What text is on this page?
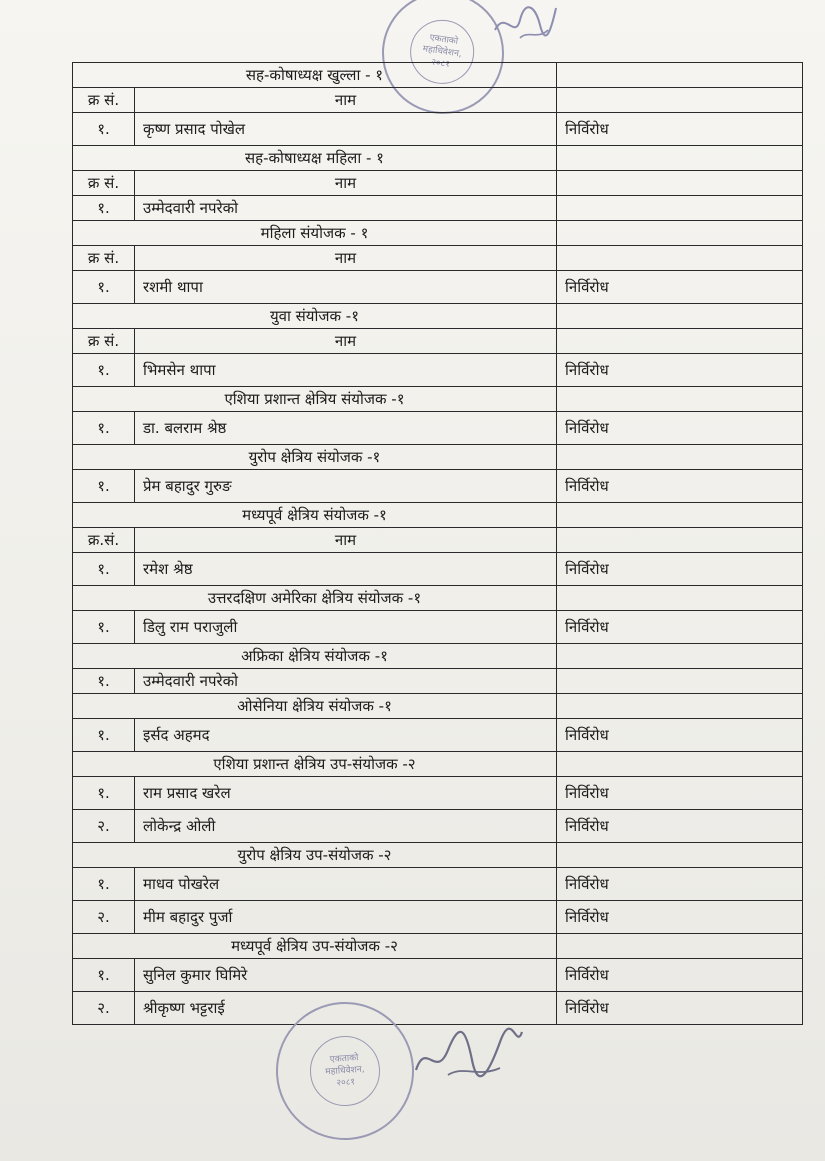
एकताको
महाधिवेशन,
२०८१
सह-कोषाध्यक्ष खुल्ला - १		
क्र सं.	नाम	
१.	कृष्ण प्रसाद पोखेल	निर्विरोध
सह-कोषाध्यक्ष महिला - १		
क्र सं.	नाम	
१.	उम्मेदवारी नपरेको	
महिला संयोजक - १		
क्र सं.	नाम	
१.	रशमी थापा	निर्विरोध
युवा संयोजक -१		
क्र सं.	नाम	
१.	भिमसेन थापा	निर्विरोध
एशिया प्रशान्त क्षेत्रिय संयोजक -१		
१.	डा. बलराम श्रेष्ठ	निर्विरोध
युरोप क्षेत्रिय संयोजक -१		
१.	प्रेम बहादुर गुरुङ	निर्विरोध
मध्यपूर्व क्षेत्रिय संयोजक -१		
क्र.सं.	नाम	
१.	रमेश श्रेष्ठ	निर्विरोध
उत्तरदक्षिण अमेरिका क्षेत्रिय संयोजक -१		
१.	डिलु राम पराजुली	निर्विरोध
अफ्रिका क्षेत्रिय संयोजक -१		
१.	उम्मेदवारी नपरेको	
ओसेनिया क्षेत्रिय संयोजक -१		
१.	इर्सद अहमद	निर्विरोध
एशिया प्रशान्त क्षेत्रिय उप-संयोजक -२		
१.	राम प्रसाद खरेल	निर्विरोध
२.	लोकेन्द्र ओली	निर्विरोध
युरोप क्षेत्रिय उप-संयोजक -२		
१.	माधव पोखरेल	निर्विरोध
२.	मीम बहादुर पुर्जा	निर्विरोध
मध्यपूर्व क्षेत्रिय उप-संयोजक -२		
१.	सुनिल कुमार घिमिरे	निर्विरोध
२.	श्रीकृष्ण भट्टराई	निर्विरोध
एकताको
महाधिवेशन,
२०८१
